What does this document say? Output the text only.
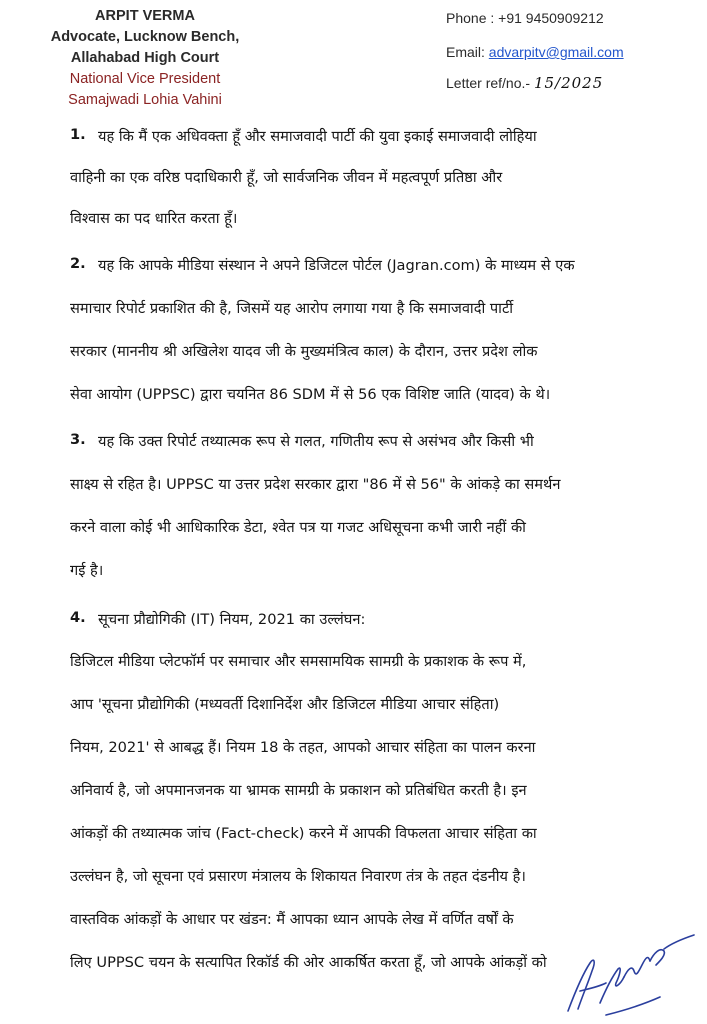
ARPIT VERMA
Advocate, Lucknow Bench,
Allahabad High Court
National Vice President
Samajwadi Lohia Vahini
Phone : +91 9450909212
Email: advarpitv@gmail.com
Letter ref/no.- 15/2025
1. यह कि मैं एक अधिवक्ता हूँ और समाजवादी पार्टी की युवा इकाई समाजवादी लोहिया
वाहिनी का एक वरिष्ठ पदाधिकारी हूँ, जो सार्वजनिक जीवन में महत्वपूर्ण प्रतिष्ठा और
विश्वास का पद धारित करता हूँ।
2. यह कि आपके मीडिया संस्थान ने अपने डिजिटल पोर्टल (Jagran.com) के माध्यम से एक
समाचार रिपोर्ट प्रकाशित की है, जिसमें यह आरोप लगाया गया है कि समाजवादी पार्टी
सरकार (माननीय श्री अखिलेश यादव जी के मुख्यमंत्रित्व काल) के दौरान, उत्तर प्रदेश लोक
सेवा आयोग (UPPSC) द्वारा चयनित 86 SDM में से 56 एक विशिष्ट जाति (यादव) के थे।
3. यह कि उक्त रिपोर्ट तथ्यात्मक रूप से गलत, गणितीय रूप से असंभव और किसी भी
साक्ष्य से रहित है। UPPSC या उत्तर प्रदेश सरकार द्वारा "86 में से 56" के आंकड़े का समर्थन
करने वाला कोई भी आधिकारिक डेटा, श्वेत पत्र या गजट अधिसूचना कभी जारी नहीं की
गई है।
4. सूचना प्रौद्योगिकी (IT) नियम, 2021 का उल्लंघन:
डिजिटल मीडिया प्लेटफॉर्म पर समाचार और समसामयिक सामग्री के प्रकाशक के रूप में,
आप 'सूचना प्रौद्योगिकी (मध्यवर्ती दिशानिर्देश और डिजिटल मीडिया आचार संहिता)
नियम, 2021' से आबद्ध हैं। नियम 18 के तहत, आपको आचार संहिता का पालन करना
अनिवार्य है, जो अपमानजनक या भ्रामक सामग्री के प्रकाशन को प्रतिबंधित करती है। इन
आंकड़ों की तथ्यात्मक जांच (Fact-check) करने में आपकी विफलता आचार संहिता का
उल्लंघन है, जो सूचना एवं प्रसारण मंत्रालय के शिकायत निवारण तंत्र के तहत दंडनीय है।
वास्तविक आंकड़ों के आधार पर खंडन: मैं आपका ध्यान आपके लेख में वर्णित वर्षों के
लिए UPPSC चयन के सत्यापित रिकॉर्ड की ओर आकर्षित करता हूँ, जो आपके आंकड़ों को
